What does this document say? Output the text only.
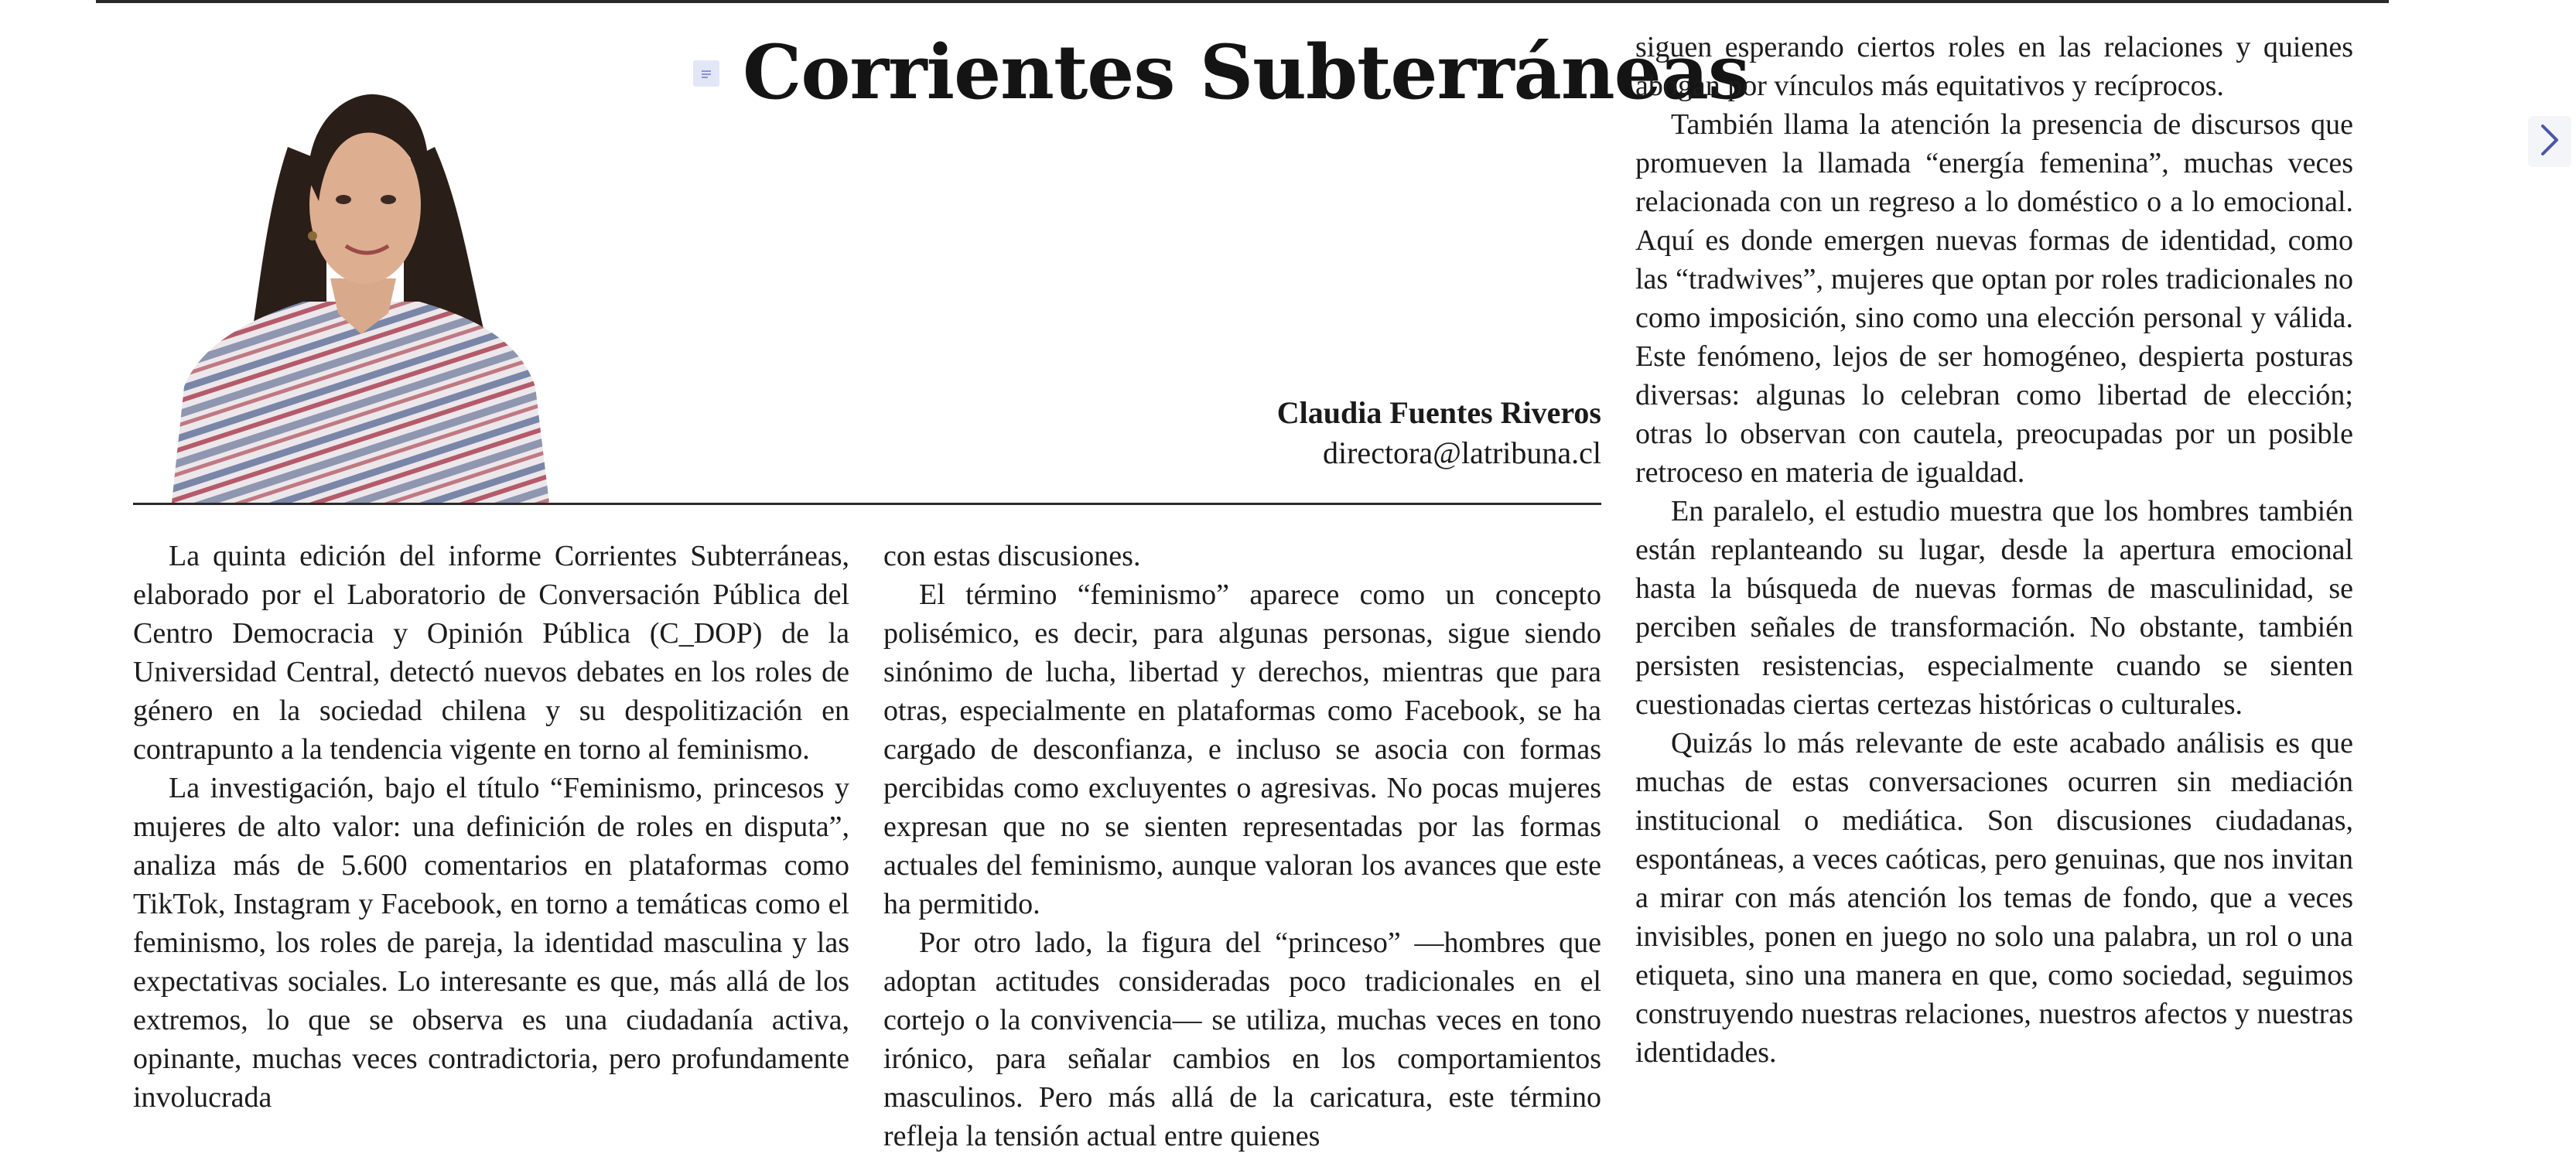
Corrientes Subterráneas
Claudia Fuentes Riveros
directora@latribuna.cl

La quinta edición del informe Corrientes Subterráneas, elaborado por el Laboratorio de Conversación Pública del Centro Democracia y Opinión Pública (C_DOP) de la Universidad Central, detectó nuevos debates en los roles de género en la sociedad chilena y su despolitización en contrapunto a la tendencia vigente en torno al feminismo.

La investigación, bajo el título “Feminismo, princesos y mujeres de alto valor: una definición de roles en disputa”, analiza más de 5.600 comentarios en plataformas como TikTok, Instagram y Facebook, en torno a temáticas como el feminismo, los roles de pareja, la identidad masculina y las expectativas sociales. Lo interesante es que, más allá de los extremos, lo que se observa es una ciudadanía activa, opinante, muchas veces contradictoria, pero profundamente involucrada

con estas discusiones.

El término “feminismo” aparece como un concepto polisémico, es decir, para algunas personas, sigue siendo sinónimo de lucha, libertad y derechos, mientras que para otras, especialmente en plataformas como Facebook, se ha cargado de desconfianza, e incluso se asocia con formas percibidas como excluyentes o agresivas. No pocas mujeres expresan que no se sienten representadas por las formas actuales del feminismo, aunque valoran los avances que este ha permitido.

Por otro lado, la figura del “princeso” —hombres que adoptan actitudes consideradas poco tradicionales en el cortejo o la convivencia— se utiliza, muchas veces en tono irónico, para señalar cambios en los comportamientos masculinos. Pero más allá de la caricatura, este término refleja la tensión actual entre quienes

siguen esperando ciertos roles en las relaciones y quienes abogan por vínculos más equitativos y recíprocos.

También llama la atención la presencia de discursos que promueven la llamada “energía femenina”, muchas veces relacionada con un regreso a lo doméstico o a lo emocional. Aquí es donde emergen nuevas formas de identidad, como las “tradwives”, mujeres que optan por roles tradicionales no como imposición, sino como una elección personal y válida. Este fenómeno, lejos de ser homogéneo, despierta posturas diversas: algunas lo celebran como libertad de elección; otras lo observan con cautela, preocupadas por un posible retroceso en materia de igualdad.

En paralelo, el estudio muestra que los hombres también están replanteando su lugar, desde la apertura emocional hasta la búsqueda de nuevas formas de masculinidad, se perciben señales de transformación. No obstante, también persisten resistencias, especialmente cuando se sienten cuestionadas ciertas certezas históricas o culturales.

Quizás lo más relevante de este acabado análisis es que muchas de estas conversaciones ocurren sin mediación institucional o mediática. Son discusiones ciudadanas, espontáneas, a veces caóticas, pero genuinas, que nos invitan a mirar con más atención los temas de fondo, que a veces invisibles, ponen en juego no solo una palabra, un rol o una etiqueta, sino una manera en que, como sociedad, seguimos construyendo nuestras relaciones, nuestros afectos y nuestras identidades.
